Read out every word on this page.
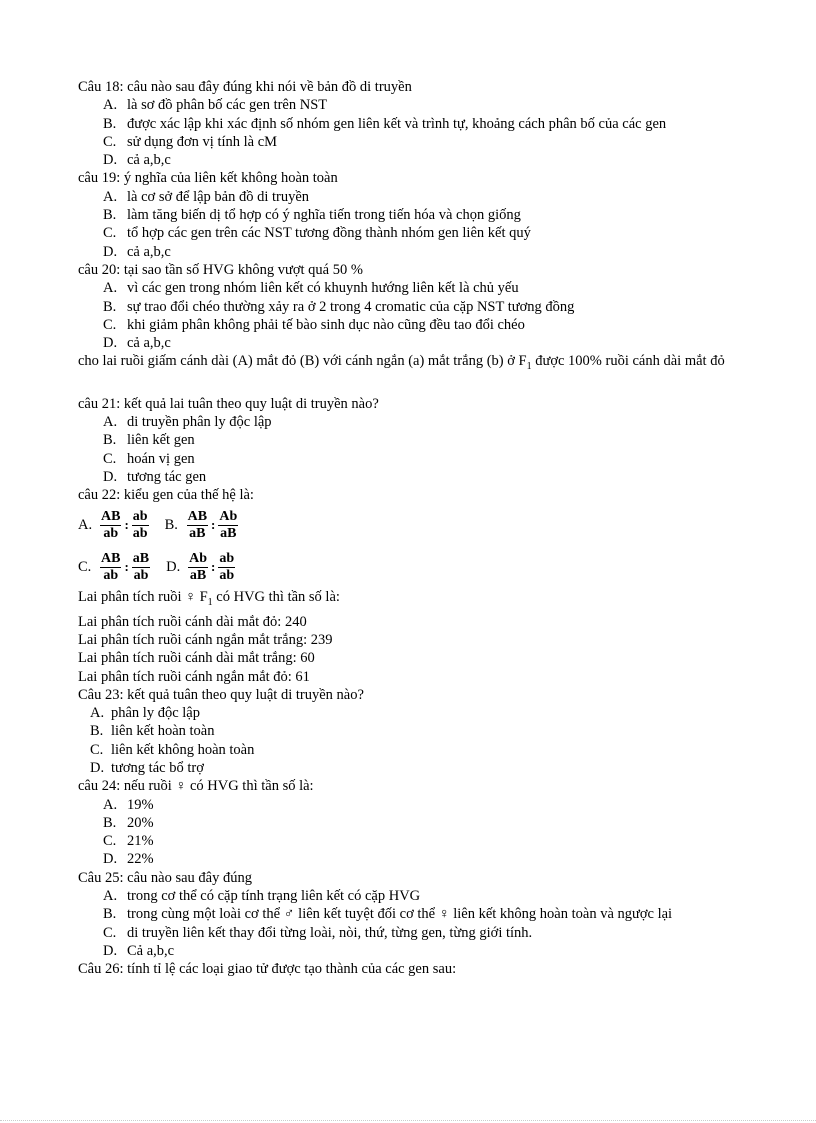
Câu 18: câu nào sau đây đúng khi nói về bản đồ di truyền
A. là sơ đồ phân bố các gen trên NST
B. được xác lập khi xác định số nhóm gen liên kết và trình tự, khoảng cách phân bố của các gen
C. sử dụng đơn vị tính là cM
D. cả a,b,c
câu 19: ý nghĩa của liên kết không hoàn toàn
A. là cơ sở để lập bản đồ di truyền
B. làm tăng biến dị tổ hợp có ý nghĩa tiến trong tiến hóa và chọn giống
C. tổ hợp các gen trên các NST tương đồng thành nhóm gen liên kết quý
D. cả a,b,c
câu 20: tại sao tần số HVG không vượt quá 50 %
A. vì các gen trong nhóm liên kết có khuynh hướng liên kết là chủ yếu
B. sự trao đổi chéo thường xảy ra ở 2 trong 4 cromatic của cặp NST tương đồng
C. khi giảm phân không phải tế bào sinh dục nào cũng đều tao đổi chéo
D. cả a,b,c
cho lai ruồi giấm cánh dài (A) mắt đỏ (B) với cánh ngắn (a) mắt trắng (b) ở $F_1$ được 100% ruồi cánh dài mắt đỏ
câu 21: kết quả lai tuân theo quy luật di truyền nào?
A. di truyền phân ly độc lập
B. liên kết gen
C. hoán vị gen
D. tương tác gen
câu 22: kiểu gen của thế hệ là:
A. $\frac{AB}{ab}$ : $\frac{ab}{ab} B$. $\frac{AB}{aB}$ : $\frac{Ab}{aB}$
C. $\frac{AB}{ab}$ : $\frac{aB}{ab} D$. $\frac{Ab}{aB}$ : $\frac{ab}{ab}$
Lai phân tích ruồi ♀ $F_1$ có HVG thì tần số là:
Lai phân tích ruồi cánh dài mắt đỏ: 240
Lai phân tích ruồi cánh ngắn mắt trắng: 239
Lai phân tích ruồi cánh dài mắt trắng: 60
Lai phân tích ruồi cánh ngắn mắt đỏ: 61
Câu 23: kết quả tuân theo quy luật di truyền nào?
A. phân ly độc lập
B. liên kết hoàn toàn
C. liên kết không hoàn toàn
D. tương tác bổ trợ
câu 24: nếu ruồi ♀ có HVG thì tần số là:
A. 19%
B. 20%
C. 21%
D. 22%
Câu 25: câu nào sau đây đúng
A. trong cơ thể có cặp tính trạng liên kết có cặp HVG
B. trong cùng một loài cơ thể ♂ liên kết tuyệt đối cơ thể ♀ liên kết không hoàn toàn và ngược lại
C. di truyền liên kết thay đổi từng loài, nòi, thứ, từng gen, từng giới tính.
D. Cả a,b,c
Câu 26: tính tỉ lệ các loại giao tử được tạo thành của các gen sau:
